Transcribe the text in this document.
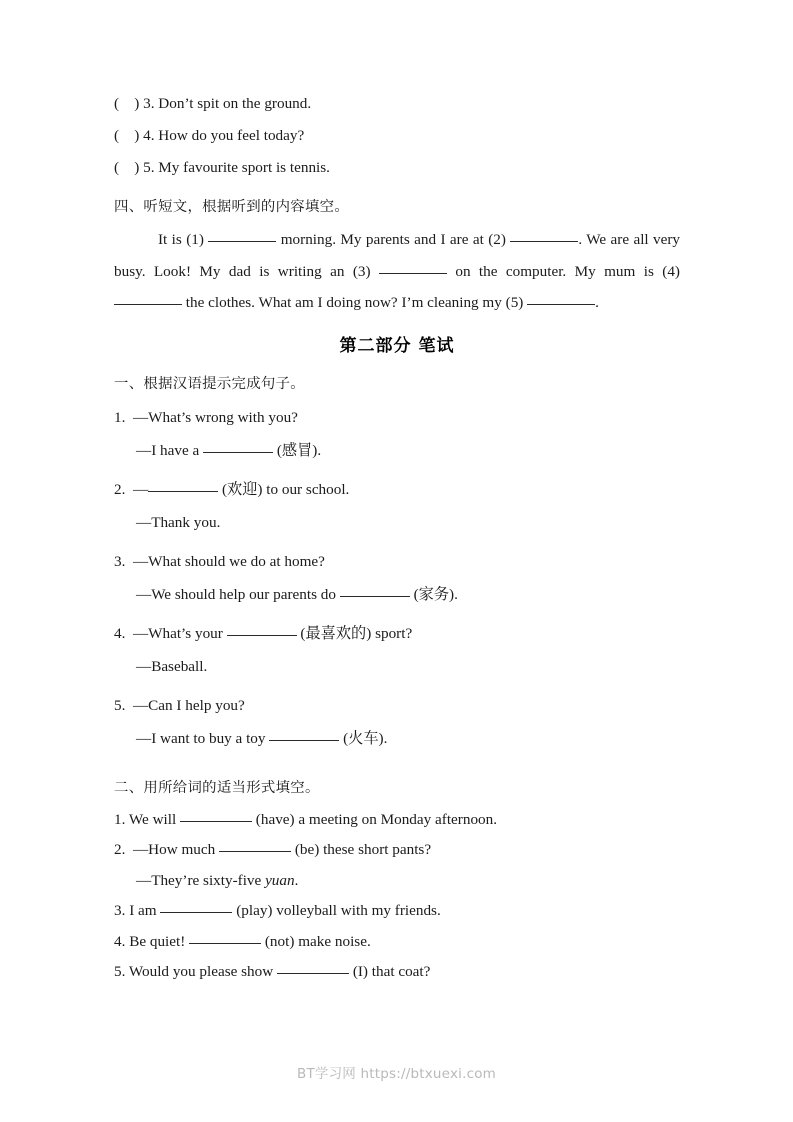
(    ) 3. Don’t spit on the ground.
(    ) 4. How do you feel today?
(    ) 5. My favourite sport is tennis.
四、听短文，根据听到的内容填空。
It is (1)	morning. My parents and I are at (2)	. We are all very busy. Look! My dad is writing an (3)	on the computer. My mum is (4)  the clothes. What am I doing now? I’m cleaning my (5)	.
第二部分 笔试
一、根据汉语提示完成句子。
1.  —What’s wrong with you?
—I have a	(感冒).
2.  —	(欢迎) to our school.
—Thank you.
3.  —What should we do at home?
—We should help our parents do	(家务).
4.  —What’s your	(最喜欢的) sport?
—Baseball.
5.  —Can I help you?
—I want to buy a toy	(火车).
二、用所给词的适当形式填空。
1. We will	(have) a meeting on Monday afternoon.
2.  —How much	(be) these short pants?
—They’re sixty-five yuan.
3. I am	(play) volleyball with my friends.
4. Be quiet!	(not) make noise.
5. Would you please show	(I) that coat?
BT学习网 https://btxuexi.com
